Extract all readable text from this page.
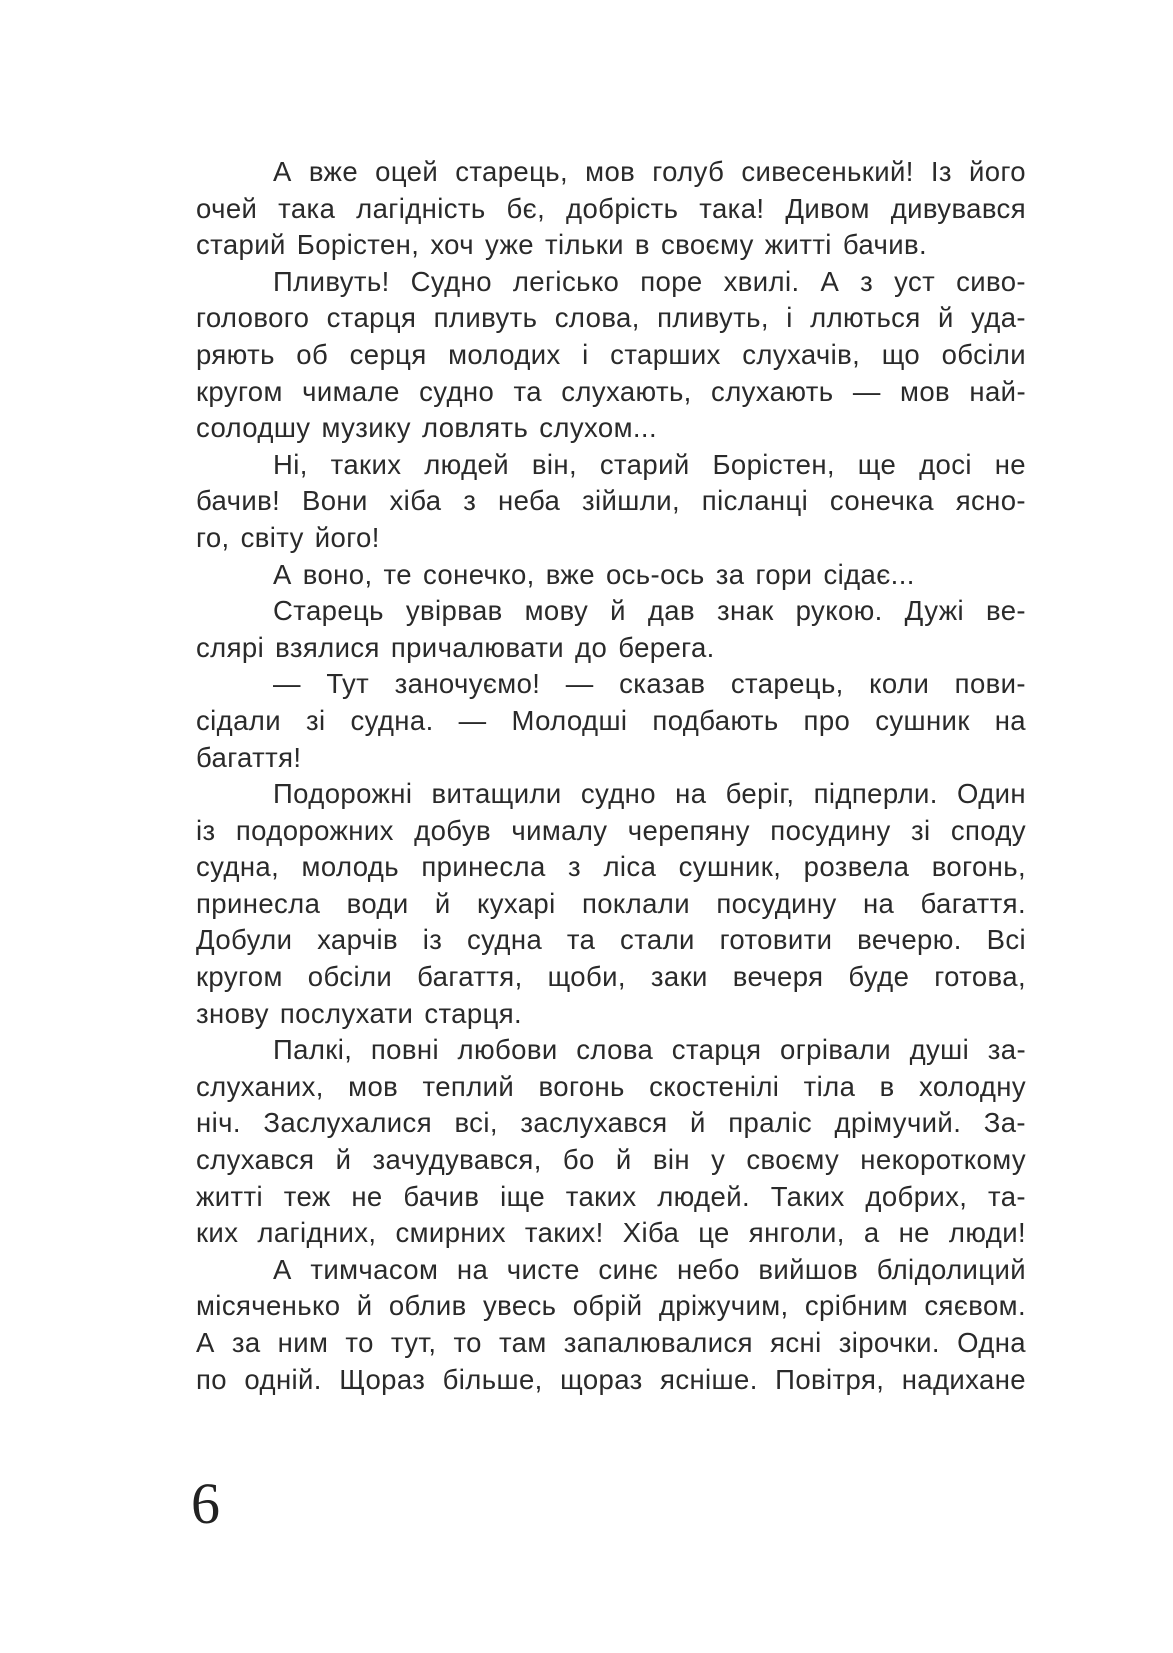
А вже оцей старець, мов голуб сивесенький! Із його

очей така лагідність бє, добрість така! Дивом дивувався

старий Борістен, хоч уже тільки в своєму житті бачив.

Пливуть! Судно легісько поре хвилі. А з уст сиво-

голового старця пливуть слова, пливуть, і ллються й уда-

ряють об серця молодих і старших слухачів, що обсіли

кругом чимале судно та слухають, слухають — мов най-

солодшу музику ловлять слухом...

Ні, таких людей він, старий Борістен, ще досі не

бачив! Вони хіба з неба зійшли, післанці сонечка ясно-

го, світу його!

А воно, те сонечко, вже ось-ось за гори сідає...

Старець увірвав мову й дав знак рукою. Дужі ве-

слярі взялися причалювати до берега.

— Тут заночуємо! — сказав старець, коли пови-

сідали зі судна. — Молодші подбають про сушник на

багаття!

Подорожні витащили судно на беріг, підперли. Один

із подорожних добув чималу черепяну посудину зі споду

судна, молодь принесла з ліса сушник, розвела вогонь,

принесла води й кухарі поклали посудину на багаття.

Добули харчів із судна та стали готовити вечерю. Всі

кругом обсіли багаття, щоби, заки вечеря буде готова,

знову послухати старця.

Палкі, повні любови слова старця огрівали душі за-

слуханих, мов теплий вогонь скостенілі тіла в холодну

ніч. Заслухалися всі, заслухався й праліс дрімучий. За-

слухався й зачудувався, бо й він у своєму некороткому

житті теж не бачив іще таких людей. Таких добрих, та-

ких лагідних, смирних таких! Хіба це янголи, а не люди!

А тимчасом на чисте синє небо вийшов блідолиций

місяченько й облив увесь обрій дріжучим, срібним сяєвом.

А за ним то тут, то там запалювалися ясні зірочки. Одна

по одній. Щораз більше, щораз ясніше. Повітря, надихане

6
